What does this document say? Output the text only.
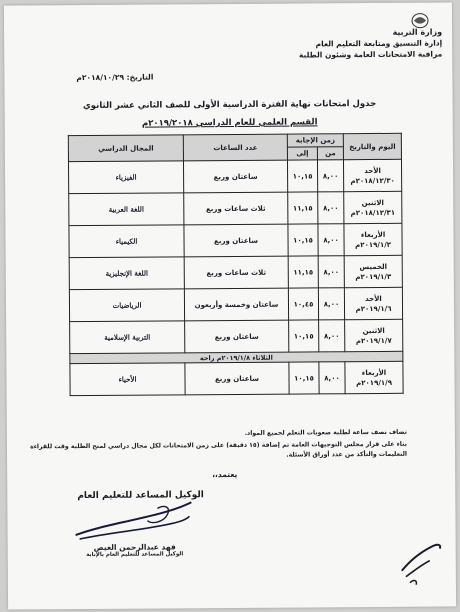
وزارة التربية
إدارة التنسيق ومتابعة التعليم العام
مراقبة الامتحانات العامة وشئون الطلبة
التاريخ: ٢٠١٨/١٠/٢٩م
جدول امتحانات نهاية الفترة الدراسية الأولى للصف الثاني عشر الثانوي
القسم العلمي للعام الدراسي ٢٠١٩/٢٠١٨م
اليوم والتاريخ	زمن الإجابة		عدد الساعات	المجال الدراسي
	من	إلى		

الأحد
٢٠١٨/١٢/٣٠م	٨,٠٠	١٠,١٥	ساعتان وربع	الفيزياء

الاثنين
٢٠١٨/١٢/٣١م	٨,٠٠	١١,١٥	ثلاث ساعات وربع	اللغة العربية

الأربعاء
٢٠١٩/١/٢م	٨,٠٠	١٠,١٥	ساعتان وربع	الكيمياء

الخميس
٢٠١٩/١/٣م	٨,٠٠	١١,١٥	ثلاث ساعات وربع	اللغة الإنجليزية

الأحد
٢٠١٩/١/٦م	٨,٠٠	١٠,٤٥	ساعتان وخمسة وأربعون	الرياضيات

الاثنين
٢٠١٩/١/٧م	٨,٠٠	١٠,١٥	ساعتان وربع	التربية الإسلامية
الثلاثاء ٢٠١٩/١/٨م راحة				

الأربعاء
٢٠١٩/١/٩م	٨,٠٠	١٠,١٥	ساعتان وربع	الأحياء

تضاف نصف ساعة لطلبة صعوبات التعلم لجميع المواد.

بناء على قرار مجلس التوجيهات العامة تم إضافة (١٥ دقيقة) على زمن الامتحانات لكل مجال دراسي لمنح الطلبة وقت للقراءة التعليمات والتأكد من عدد أوراق الأسئلة.

يعتمد،،
الوكيل المساعد للتعليم العام
فهد عبدالرحمن الغيص
الوكيل المساعد للتعليم العام بالإنابة
